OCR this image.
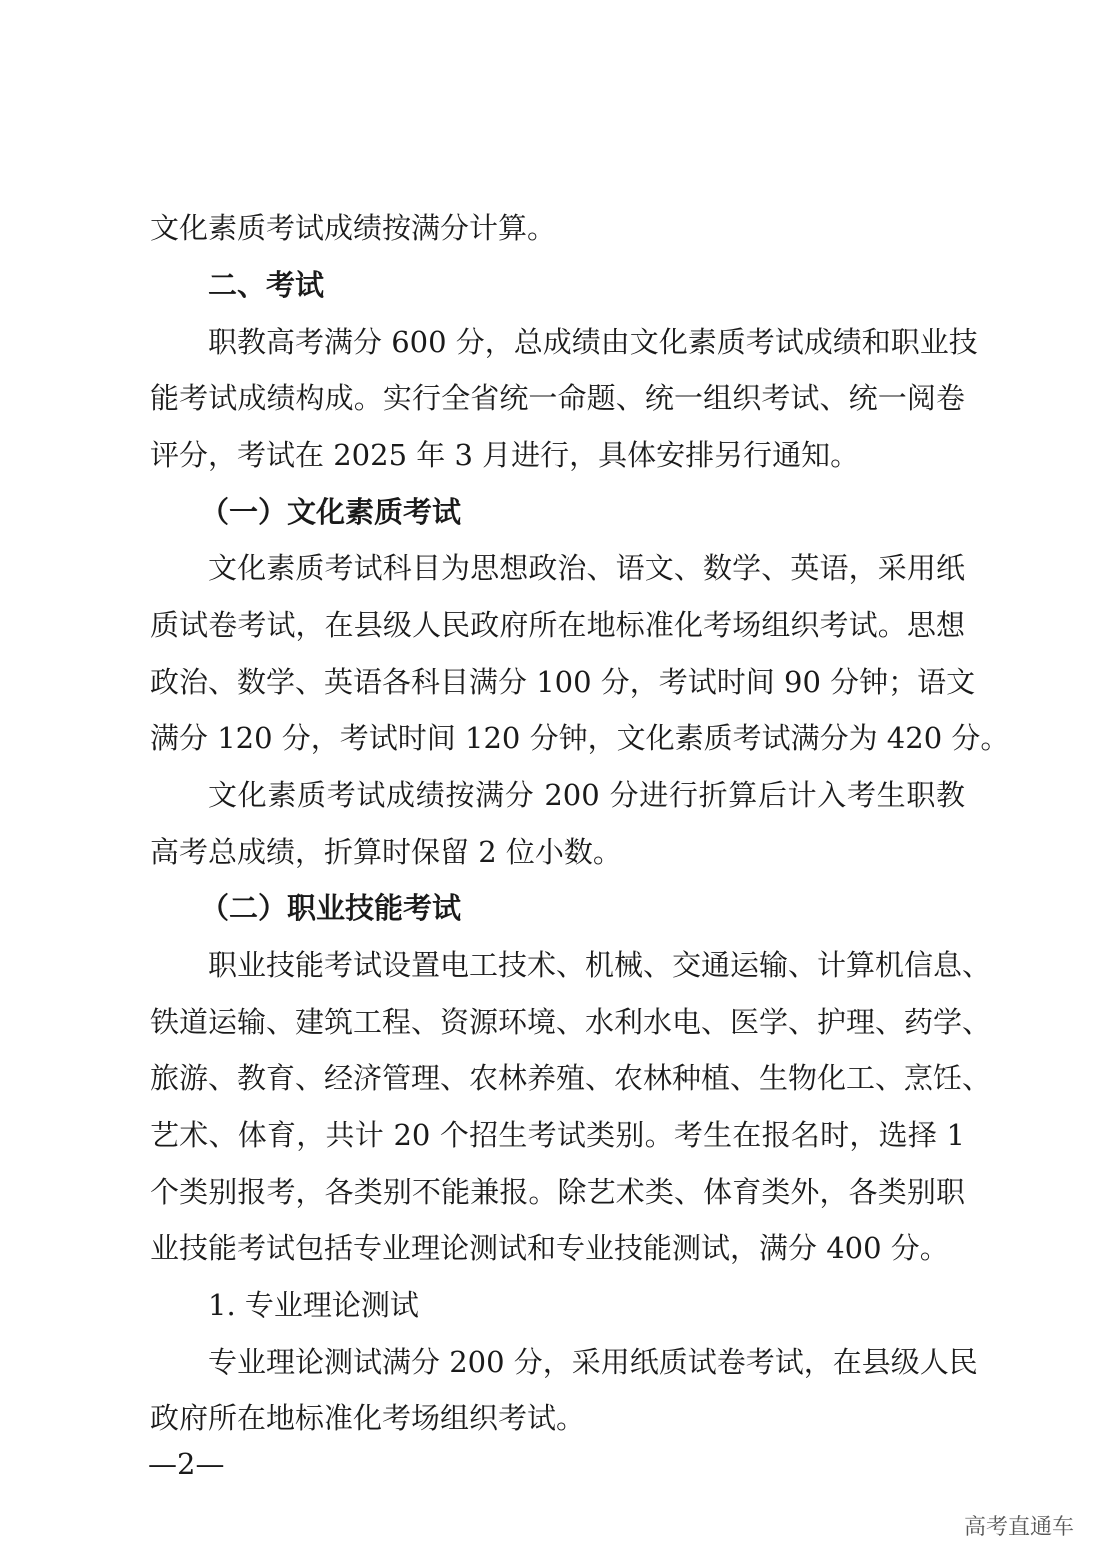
文化素质考试成绩按满分计算。
二、考试
职教高考满分 600 分，总成绩由文化素质考试成绩和职业技
能考试成绩构成。实行全省统一命题、统一组织考试、统一阅卷
评分，考试在 2025 年 3 月进行，具体安排另行通知。
（一）文化素质考试
文化素质考试科目为思想政治、语文、数学、英语，采用纸
质试卷考试，在县级人民政府所在地标准化考场组织考试。思想
政治、数学、英语各科目满分 100 分，考试时间 90 分钟；语文
满分 120 分，考试时间 120 分钟，文化素质考试满分为 420 分。
文化素质考试成绩按满分 200 分进行折算后计入考生职教
高考总成绩，折算时保留 2 位小数。
（二）职业技能考试
职业技能考试设置电工技术、机械、交通运输、计算机信息、
铁道运输、建筑工程、资源环境、水利水电、医学、护理、药学、
旅游、教育、经济管理、农林养殖、农林种植、生物化工、烹饪、
艺术、体育，共计 20 个招生考试类别。考生在报名时，选择 1
个类别报考，各类别不能兼报。除艺术类、体育类外，各类别职
业技能考试包括专业理论测试和专业技能测试，满分 400 分。
1. 专业理论测试
专业理论测试满分 200 分，采用纸质试卷考试，在县级人民
政府所在地标准化考场组织考试。
—2—
高考直通车
